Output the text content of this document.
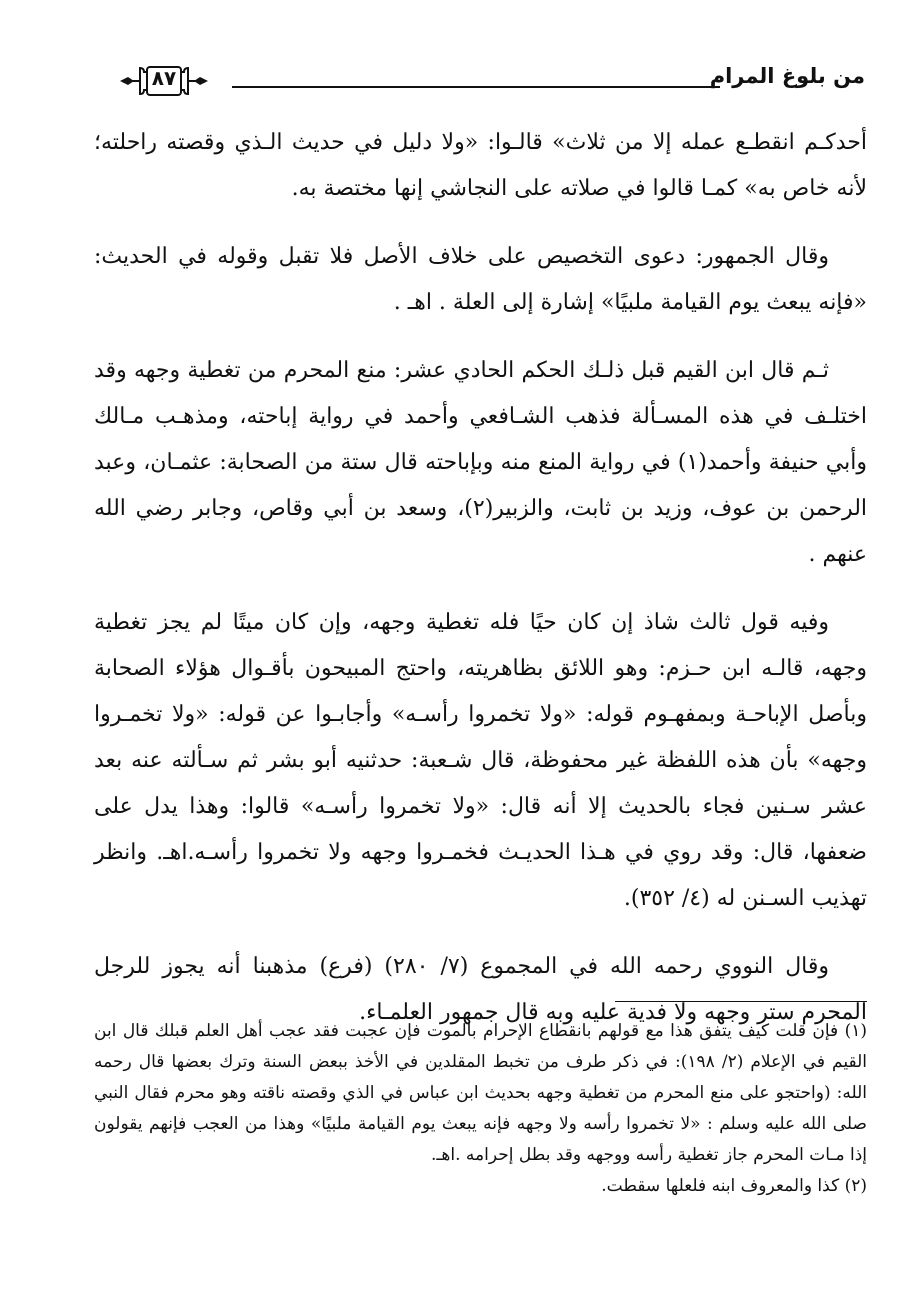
من بلوغ المرام
٨٧

أحدكـم انقطـع عمله إلا من ثلاث» قالـوا: «ولا دليل في حديث الـذي وقصته راحلته؛ لأنه خاص به» كمـا قالوا في صلاته على النجاشي إنها مختصة به.

وقال الجمهور: دعوى التخصيص على خلاف الأصل فلا تقبل وقوله في الحديث: «فإنه يبعث يوم القيامة ملبيًا» إشارة إلى العلة . اهـ .

ثـم قال ابن القيم قبل ذلـك الحكم الحادي عشر: منع المحرم من تغطية وجهه وقد اختلـف في هذه المسـألة فذهب الشـافعي وأحمد في رواية إباحته، ومذهـب مـالك وأبي حنيفة وأحمد(١) في رواية المنع منه وبإباحته قال ستة من الصحابة: عثمـان، وعبد الرحمن بن عوف، وزيد بن ثابت، والزبير(٢)، وسعد بن أبي وقاص، وجابر رضي الله عنهم .

وفيه قول ثالث شاذ إن كان حيًا فله تغطية وجهه، وإن كان ميتًا لم يجز تغطية وجهه، قالـه ابن حـزم: وهو اللائق بظاهريته، واحتج المبيحون بأقـوال هؤلاء الصحابة وبأصل الإباحـة وبمفهـوم قوله: «ولا تخمروا رأسـه» وأجابـوا عن قوله: «ولا تخمـروا وجهه» بأن هذه اللفظة غير محفوظة، قال شـعبة: حدثنيه أبو بشر ثم سـألته عنه بعد عشر سـنين فجاء بالحديث إلا أنه قال: «ولا تخمروا رأسـه» قالوا: وهذا يدل على ضعفها، قال: وقد روي في هـذا الحديـث فخمـروا وجهه ولا تخمروا رأسـه.اهـ. وانظر تهذيب السـنن له (٤/ ٣٥٢).

وقال النووي رحمه الله في المجموع (٧/ ٢٨٠) (فرع) مذهبنا أنه يجوز للرجل المحرم ستر وجهه ولا فدية عليه وبه قال جمهور العلمـاء.

(١) فإن قلت كيف يتفق هذا مع قولهم بانقطاع الإحرام بالموت فإن عجبت فقد عجب أهل العلم قبلك قال ابن القيم في الإعلام (٢/ ١٩٨): في ذكر طرف من تخبط المقلدين في الأخذ ببعض السنة وترك بعضها قال رحمه الله: (واحتجو على منع المحرم من تغطية وجهه بحديث ابن عباس في الذي وقصته ناقته وهو محرم فقال النبي صلى الله عليه وسلم : «لا تخمروا رأسه ولا وجهه فإنه يبعث يوم القيامة ملبيًا» وهذا من العجب فإنهم يقولون إذا مـات المحرم جاز تغطية رأسه ووجهه وقد بطل إحرامه .اهـ.

(٢) كذا والمعروف ابنه فلعلها سقطت.
